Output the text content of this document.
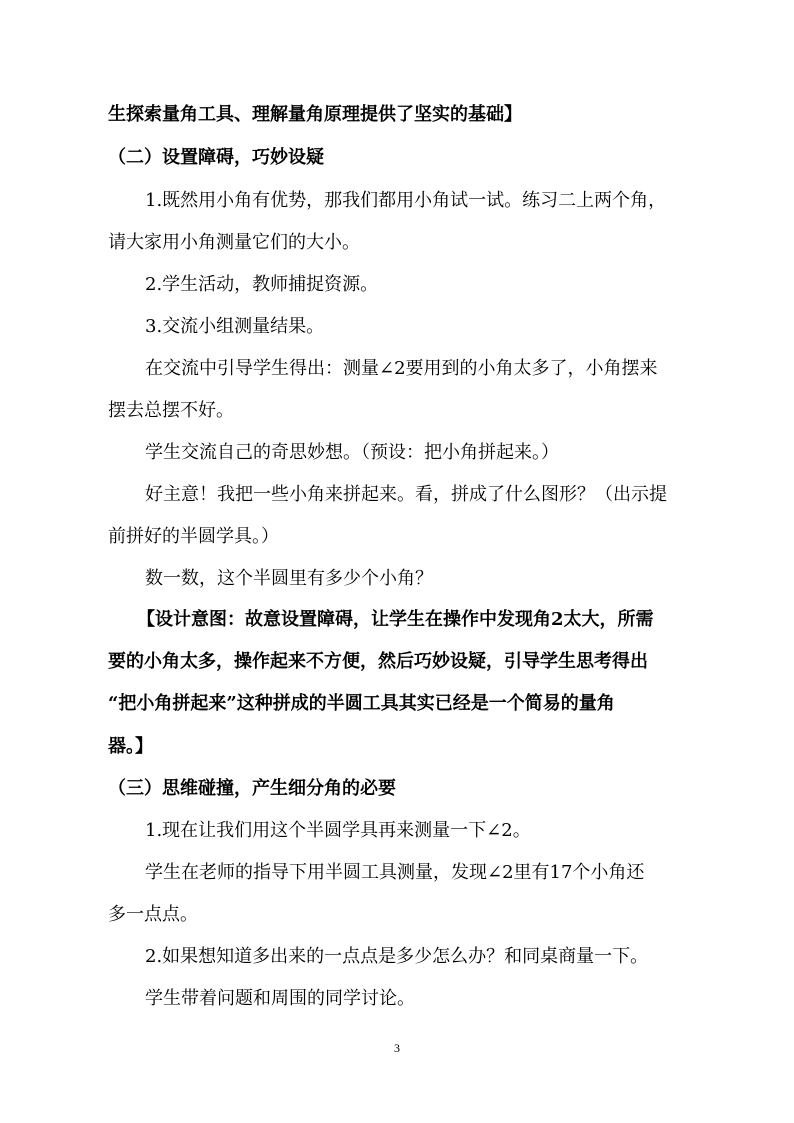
生探索量角工具、理解量角原理提供了坚实的基础】
（二）设置障碍，巧妙设疑
1.既然用小角有优势，那我们都用小角试一试。练习二上两个角，
请大家用小角测量它们的大小。
2.学生活动，教师捕捉资源。
3.交流小组测量结果。
在交流中引导学生得出：测量∠2要用到的小角太多了，小角摆来
摆去总摆不好。
学生交流自己的奇思妙想。（预设：把小角拼起来。）
好主意！我把一些小角来拼起来。看，拼成了什么图形？（出示提
前拼好的半圆学具。）
数一数，这个半圆里有多少个小角？
【设计意图：故意设置障碍，让学生在操作中发现角2太大，所需
要的小角太多，操作起来不方便，然后巧妙设疑，引导学生思考得出
“把小角拼起来”这种拼成的半圆工具其实已经是一个简易的量角
器。】
（三）思维碰撞，产生细分角的必要
1.现在让我们用这个半圆学具再来测量一下∠2。
学生在老师的指导下用半圆工具测量，发现∠2里有17个小角还
多一点点。
2.如果想知道多出来的一点点是多少怎么办？和同桌商量一下。
学生带着问题和周围的同学讨论。
3
